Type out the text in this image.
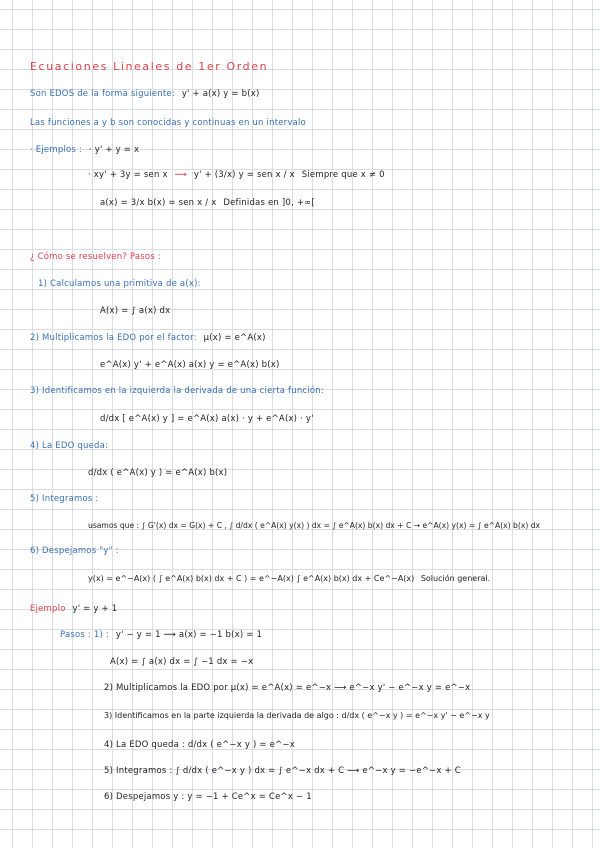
Ecuaciones Lineales de 1er Orden
Son EDOS de la forma siguiente: y' + a(x) y = b(x)
Las funciones a y b son conocidas y continuas en un intervalo
· Ejemplos : · y' + y = x
· xy' + 3y = sen x ⟿ y' + (3/x) y = sen x / x Siempre que x ≠ 0
a(x) = 3/x b(x) = sen x / x Definidas en ]0, +∞[
¿ Cómo se resuelven? Pasos :
1) Calculamos una primitiva de a(x):
A(x) = ∫ a(x) dx
2) Multiplicamos la EDO por el factor: μ(x) = e^A(x)
e^A(x) y' + e^A(x) a(x) y = e^A(x) b(x)
3) Identificamos en la izquierda la derivada de una cierta función:
d/dx [ e^A(x) y ] = e^A(x) a(x) · y + e^A(x) · y'
4) La EDO queda:
d/dx ( e^A(x) y ) = e^A(x) b(x)
5) Integramos :
usamos que : ∫ G'(x) dx = G(x) + C , ∫ d/dx ( e^A(x) y(x) ) dx = ∫ e^A(x) b(x) dx + C → e^A(x) y(x) = ∫ e^A(x) b(x) dx
6) Despejamos "y" :
y(x) = e^−A(x) ( ∫ e^A(x) b(x) dx + C ) = e^−A(x) ∫ e^A(x) b(x) dx + Ce^−A(x) Solución general.
Ejemplo y' = y + 1
Pasos : 1) : y' − y = 1 ⟿ a(x) = −1 b(x) = 1
A(x) = ∫ a(x) dx = ∫ −1 dx = −x
2) Multiplicamos la EDO por μ(x) = e^A(x) = e^−x ⟶ e^−x y' − e^−x y = e^−x
3) Identificamos en la parte izquierda la derivada de algo : d/dx ( e^−x y ) = e^−x y' − e^−x y
4) La EDO queda : d/dx ( e^−x y ) = e^−x
5) Integramos : ∫ d/dx ( e^−x y ) dx = ∫ e^−x dx + C ⟶ e^−x y = −e^−x + C
6) Despejamos y : y = −1 + Ce^x = Ce^x − 1
